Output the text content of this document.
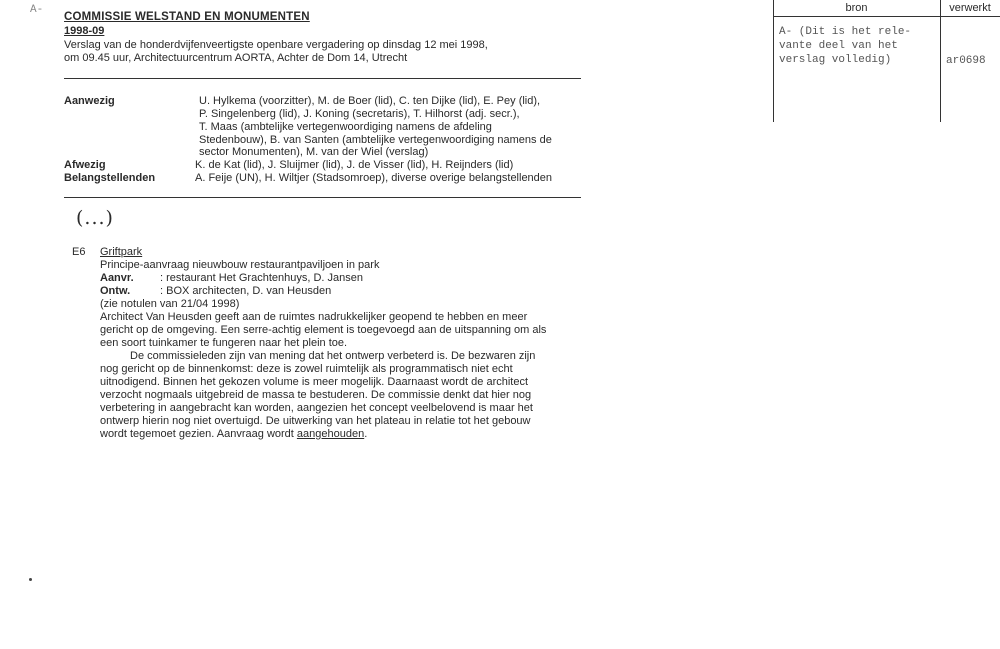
A-
COMMISSIE WELSTAND EN MONUMENTEN
1998-09
Verslag van de honderdvijfenveertigste openbare vergadering op dinsdag 12 mei 1998,
om 09.45 uur, Architectuurcentrum AORTA, Achter de Dom 14, Utrecht
Aanwezig	U. Hylkema (voorzitter), M. de Boer (lid), C. ten Dijke (lid), E. Pey (lid),
P. Singelenberg (lid), J. Koning (secretaris), T. Hilhorst (adj. secr.),
T. Maas (ambtelijke vertegenwoordiging namens de afdeling
Stedenbouw), B. van Santen (ambtelijke vertegenwoordiging namens de
sector Monumenten), M. van der Wiel (verslag)
Afwezig	K. de Kat (lid), J. Sluijmer (lid), J. de Visser (lid), H. Reijnders (lid)
Belangstellenden	A. Feije (UN), H. Wiltjer (Stadsomroep), diverse overige belangstellenden
(...)
E6 Griftpark
Principe-aanvraag nieuwbouw restaurantpaviljoen in park
Aanvr. : restaurant Het Grachtenhuys, D. Jansen
Ontw.	: BOX architecten, D. van Heusden
(zie notulen van 21/04 1998)
Architect Van Heusden geeft aan de ruimtes nadrukkelijker geopend te hebben en meer
gericht op de omgeving. Een serre-achtig element is toegevoegd aan de uitspanning om als
een soort tuinkamer te fungeren naar het plein toe.
De commissieleden zijn van mening dat het ontwerp verbeterd is. De bezwaren zijn
nog gericht op de binnenkomst: deze is zowel ruimtelijk als programmatisch niet echt
uitnodigend. Binnen het gekozen volume is meer mogelijk. Daarnaast wordt de architect
verzocht nogmaals uitgebreid de massa te bestuderen. De commissie denkt dat hier nog
verbetering in aangebracht kan worden, aangezien het concept veelbelovend is maar het
ontwerp hierin nog niet overtuigd. De uitwerking van het plateau in relatie tot het gebouw
wordt tegemoet gezien. Aanvraag wordt aangehouden.
bron	verwerkt
A- (Dit is het rele-
vante deel van het
verslag volledig)	ar0698
